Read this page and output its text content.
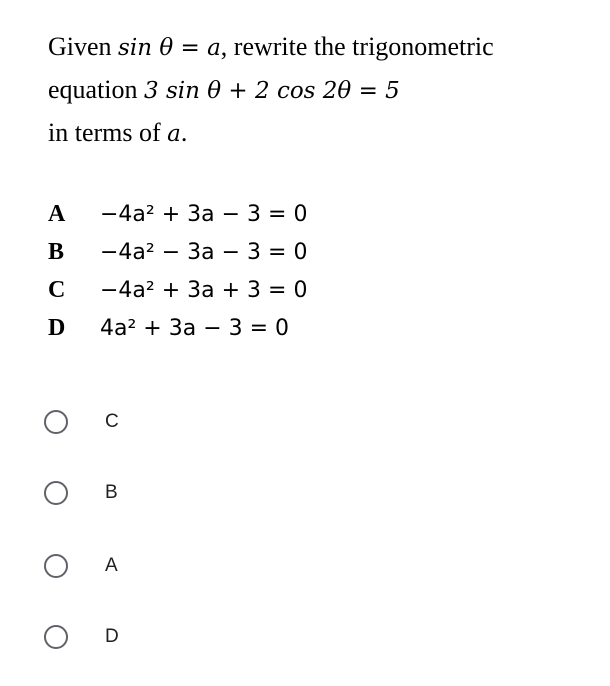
Given sin θ = a, rewrite the trigonometric
equation 3 sin θ + 2 cos 2θ = 5
in terms of a.
A	−4a² + 3a − 3 = 0
B	−4a² − 3a − 3 = 0
C	−4a² + 3a + 3 = 0
D	4a² + 3a − 3 = 0
C
B
A
D
